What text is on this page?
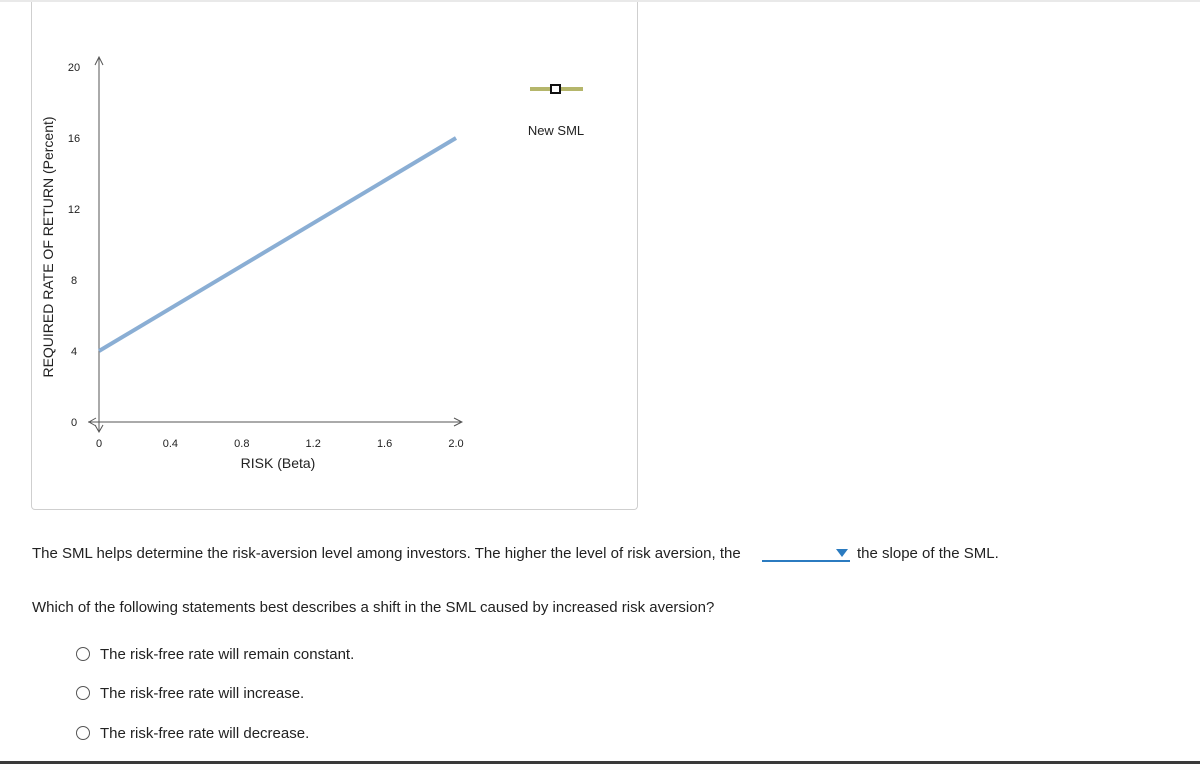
0	0.4	0.8	1.2	1.6	2.0
0
4
8
12
16
20
New SML
RISK (Beta)
REQUIRED RATE OF RETURN (Percent)
The SML helps determine the risk-aversion level among investors. The higher the level of risk aversion, the	the slope of the SML.
Which of the following statements best describes a shift in the SML caused by increased risk aversion?
The risk-free rate will remain constant.
The risk-free rate will increase.
The risk-free rate will decrease.
